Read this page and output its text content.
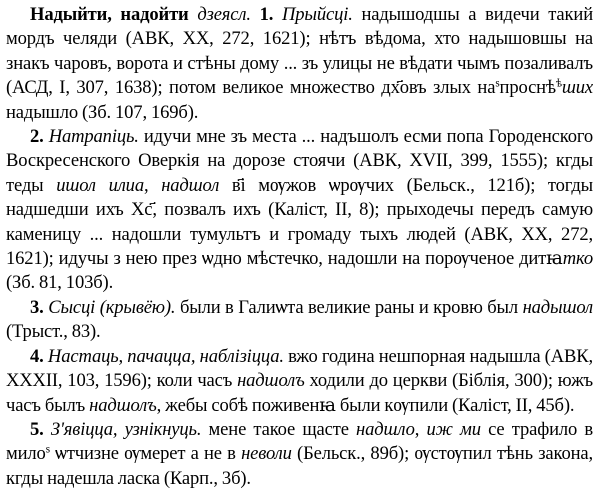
Надыйти, надойти дзеясл. 1. Прыйсці. надышодшы а видечи такий мордъ челяди (АВК, XX, 272, 1621); нѣтъ вѣдома, хто надышовшы на знакъ чаровъ, ворота и стѣны дому ... зъ улицы не вѣдати чымъ позаливалъ (АСД, I, 307, 1638); потом великое множество дх҃овъ злых $на^sпроснѣ^ѣших$ надышло (Зб. 107, 169б).

2. Натрапіць. идучи мне зъ места ... надъшолъ есми попа Городенского Воскресенского Оверкія на дорозе стоячи (АВК, XVII, 399, 1555); кгды теды ишол илиа, надшол в҃і мѹжов ѡрѹчих (Бельск., 121б); тогды надшедши ихъ Хс҃, позвалъ ихъ (Каліст, II, 8); прыходечы передъ самую каменицу ... надошли тумультъ и громаду тыхъ людей (АВК, XX, 272, 1621); идучы з нею през ѡдно мѣстечко, надошли на порѹченое дитꙗтко (Зб. 81, 103б).

3. Сысці (крывёю). были в Галиѡта великие раны и кровю был надышол (Трыст., 83).

4. Настаць, пачацца, наблізіцца. вжо година нешпорная надышла (АВК, XXXII, 103, 1596); коли часъ надшолъ ходили до церкви (Біблія, 300); южъ часъ былъ надшолъ, жебы собѣ поживенꙗ были кѹпили (Каліст, II, 45б).

5. З'явіцца, узнікнуць. мене такое щасте надшло, иж ми се трафило в мило$^s$ ѡтчизне ѹмерет а не в неволи (Бельск., 89б); ѹстѹпил тѣнь закона, кгды надешла ласка (Карп., 3б).
